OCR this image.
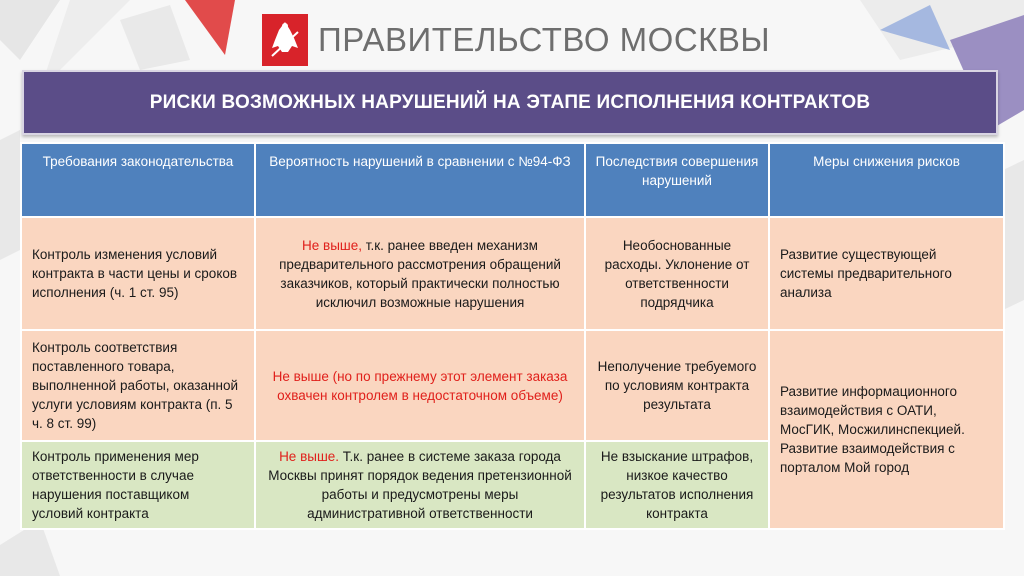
ПРАВИТЕЛЬСТВО МОСКВЫ
РИСКИ ВОЗМОЖНЫХ НАРУШЕНИЙ НА ЭТАПЕ ИСПОЛНЕНИЯ КОНТРАКТОВ
Требования законодательства	Вероятность нарушений в сравнении с №94-ФЗ	Последствия совершения нарушений	Меры снижения рисков
Контроль изменения условий контракта в части цены и сроков исполнения (ч. 1 ст. 95)	Не выше, т.к. ранее введен механизм предварительного рассмотрения обращений заказчиков, который практически полностью исключил возможные нарушения	Необоснованные расходы. Уклонение от ответственности подрядчика	Развитие существующей системы предварительного анализа
Контроль соответствия поставленного товара, выполненной работы, оказанной услуги условиям контракта (п. 5 ч. 8 ст. 99)	Не выше (но по прежнему этот элемент заказа охвачен контролем в недостаточном объеме)	Неполучение требуемого по условиям контракта результата	Развитие информационного взаимодействия с ОАТИ, МосГИК, Мосжилинспекцией. Развитие взаимодействия с порталом Мой город
Контроль применения мер ответственности в случае нарушения поставщиком условий контракта	Не выше. Т.к. ранее в системе заказа города Москвы принят порядок ведения претензионной работы и предусмотрены меры административной ответственности	Не взыскание штрафов, низкое качество результатов исполнения контракта	
